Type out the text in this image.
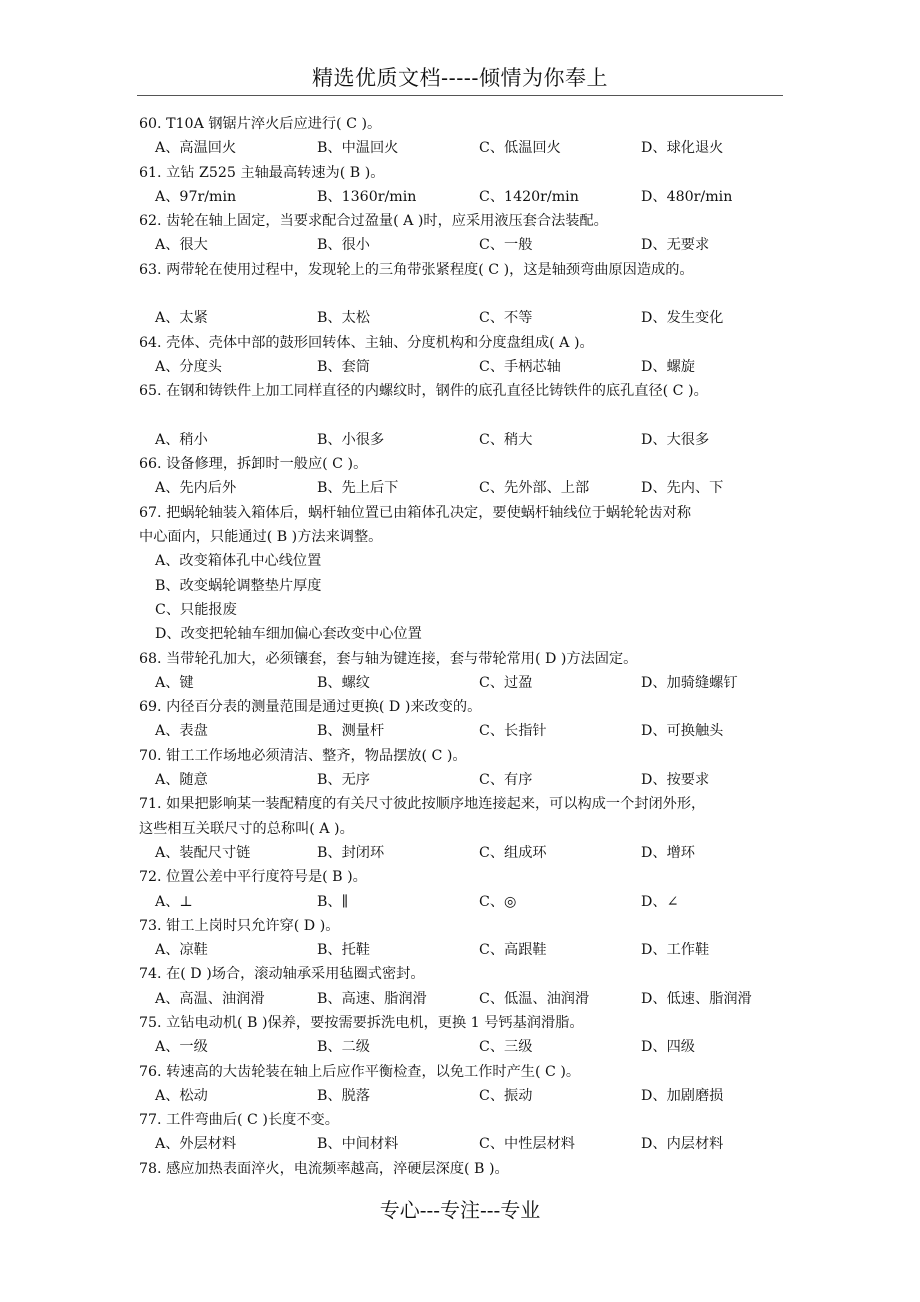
精选优质文档-----倾情为你奉上
60. T10A 钢锯片淬火后应进行( C )。
A、高温回火	B、中温回火	C、低温回火	D、球化退火
61. 立钻 Z525 主轴最高转速为( B )。
A、97r/min	B、1360r/min	C、1420r/min	D、480r/min
62. 齿轮在轴上固定，当要求配合过盈量( A )时，应采用液压套合法装配。
A、很大	B、很小	C、一般	D、无要求
63. 两带轮在使用过程中，发现轮上的三角带张紧程度( C )，这是轴颈弯曲原因造成的。
A、太紧	B、太松	C、不等	D、发生变化
64. 壳体、壳体中部的鼓形回转体、主轴、分度机构和分度盘组成( A )。
A、分度头	B、套筒	C、手柄芯轴	D、螺旋
65. 在钢和铸铁件上加工同样直径的内螺纹时，钢件的底孔直径比铸铁件的底孔直径( C )。
A、稍小	B、小很多	C、稍大	D、大很多
66. 设备修理，拆卸时一般应( C )。
A、先内后外	B、先上后下	C、先外部、上部	D、先内、下
67. 把蜗轮轴装入箱体后，蜗杆轴位置已由箱体孔决定，要使蜗杆轴线位于蜗轮轮齿对称
中心面内，只能通过( B )方法来调整。
A、改变箱体孔中心线位置
B、改变蜗轮调整垫片厚度
C、只能报废
D、改变把轮轴车细加偏心套改变中心位置
68. 当带轮孔加大，必须镶套，套与轴为键连接，套与带轮常用( D )方法固定。
A、键	B、螺纹	C、过盈	D、加骑缝螺钉
69. 内径百分表的测量范围是通过更换( D )来改变的。
A、表盘	B、测量杆	C、长指针	D、可换触头
70. 钳工工作场地必须清洁、整齐，物品摆放( C )。
A、随意	B、无序	C、有序	D、按要求
71. 如果把影响某一装配精度的有关尺寸彼此按顺序地连接起来，可以构成一个封闭外形，
这些相互关联尺寸的总称叫( A )。
A、装配尺寸链	B、封闭环	C、组成环	D、增环
72. 位置公差中平行度符号是( B )。
A、⊥	B、∥	C、◎	D、∠
73. 钳工上岗时只允许穿( D )。
A、凉鞋	B、托鞋	C、高跟鞋	D、工作鞋
74. 在( D )场合，滚动轴承采用毡圈式密封。
A、高温、油润滑	B、高速、脂润滑	C、低温、油润滑	D、低速、脂润滑
75. 立钻电动机( B )保养，要按需要拆洗电机，更换 1 号钙基润滑脂。
A、一级	B、二级	C、三级	D、四级
76. 转速高的大齿轮装在轴上后应作平衡检查，以免工作时产生( C )。
A、松动	B、脱落	C、振动	D、加剧磨损
77. 工件弯曲后( C )长度不变。
A、外层材料	B、中间材料	C、中性层材料	D、内层材料
78. 感应加热表面淬火，电流频率越高，淬硬层深度( B )。
专心---专注---专业
